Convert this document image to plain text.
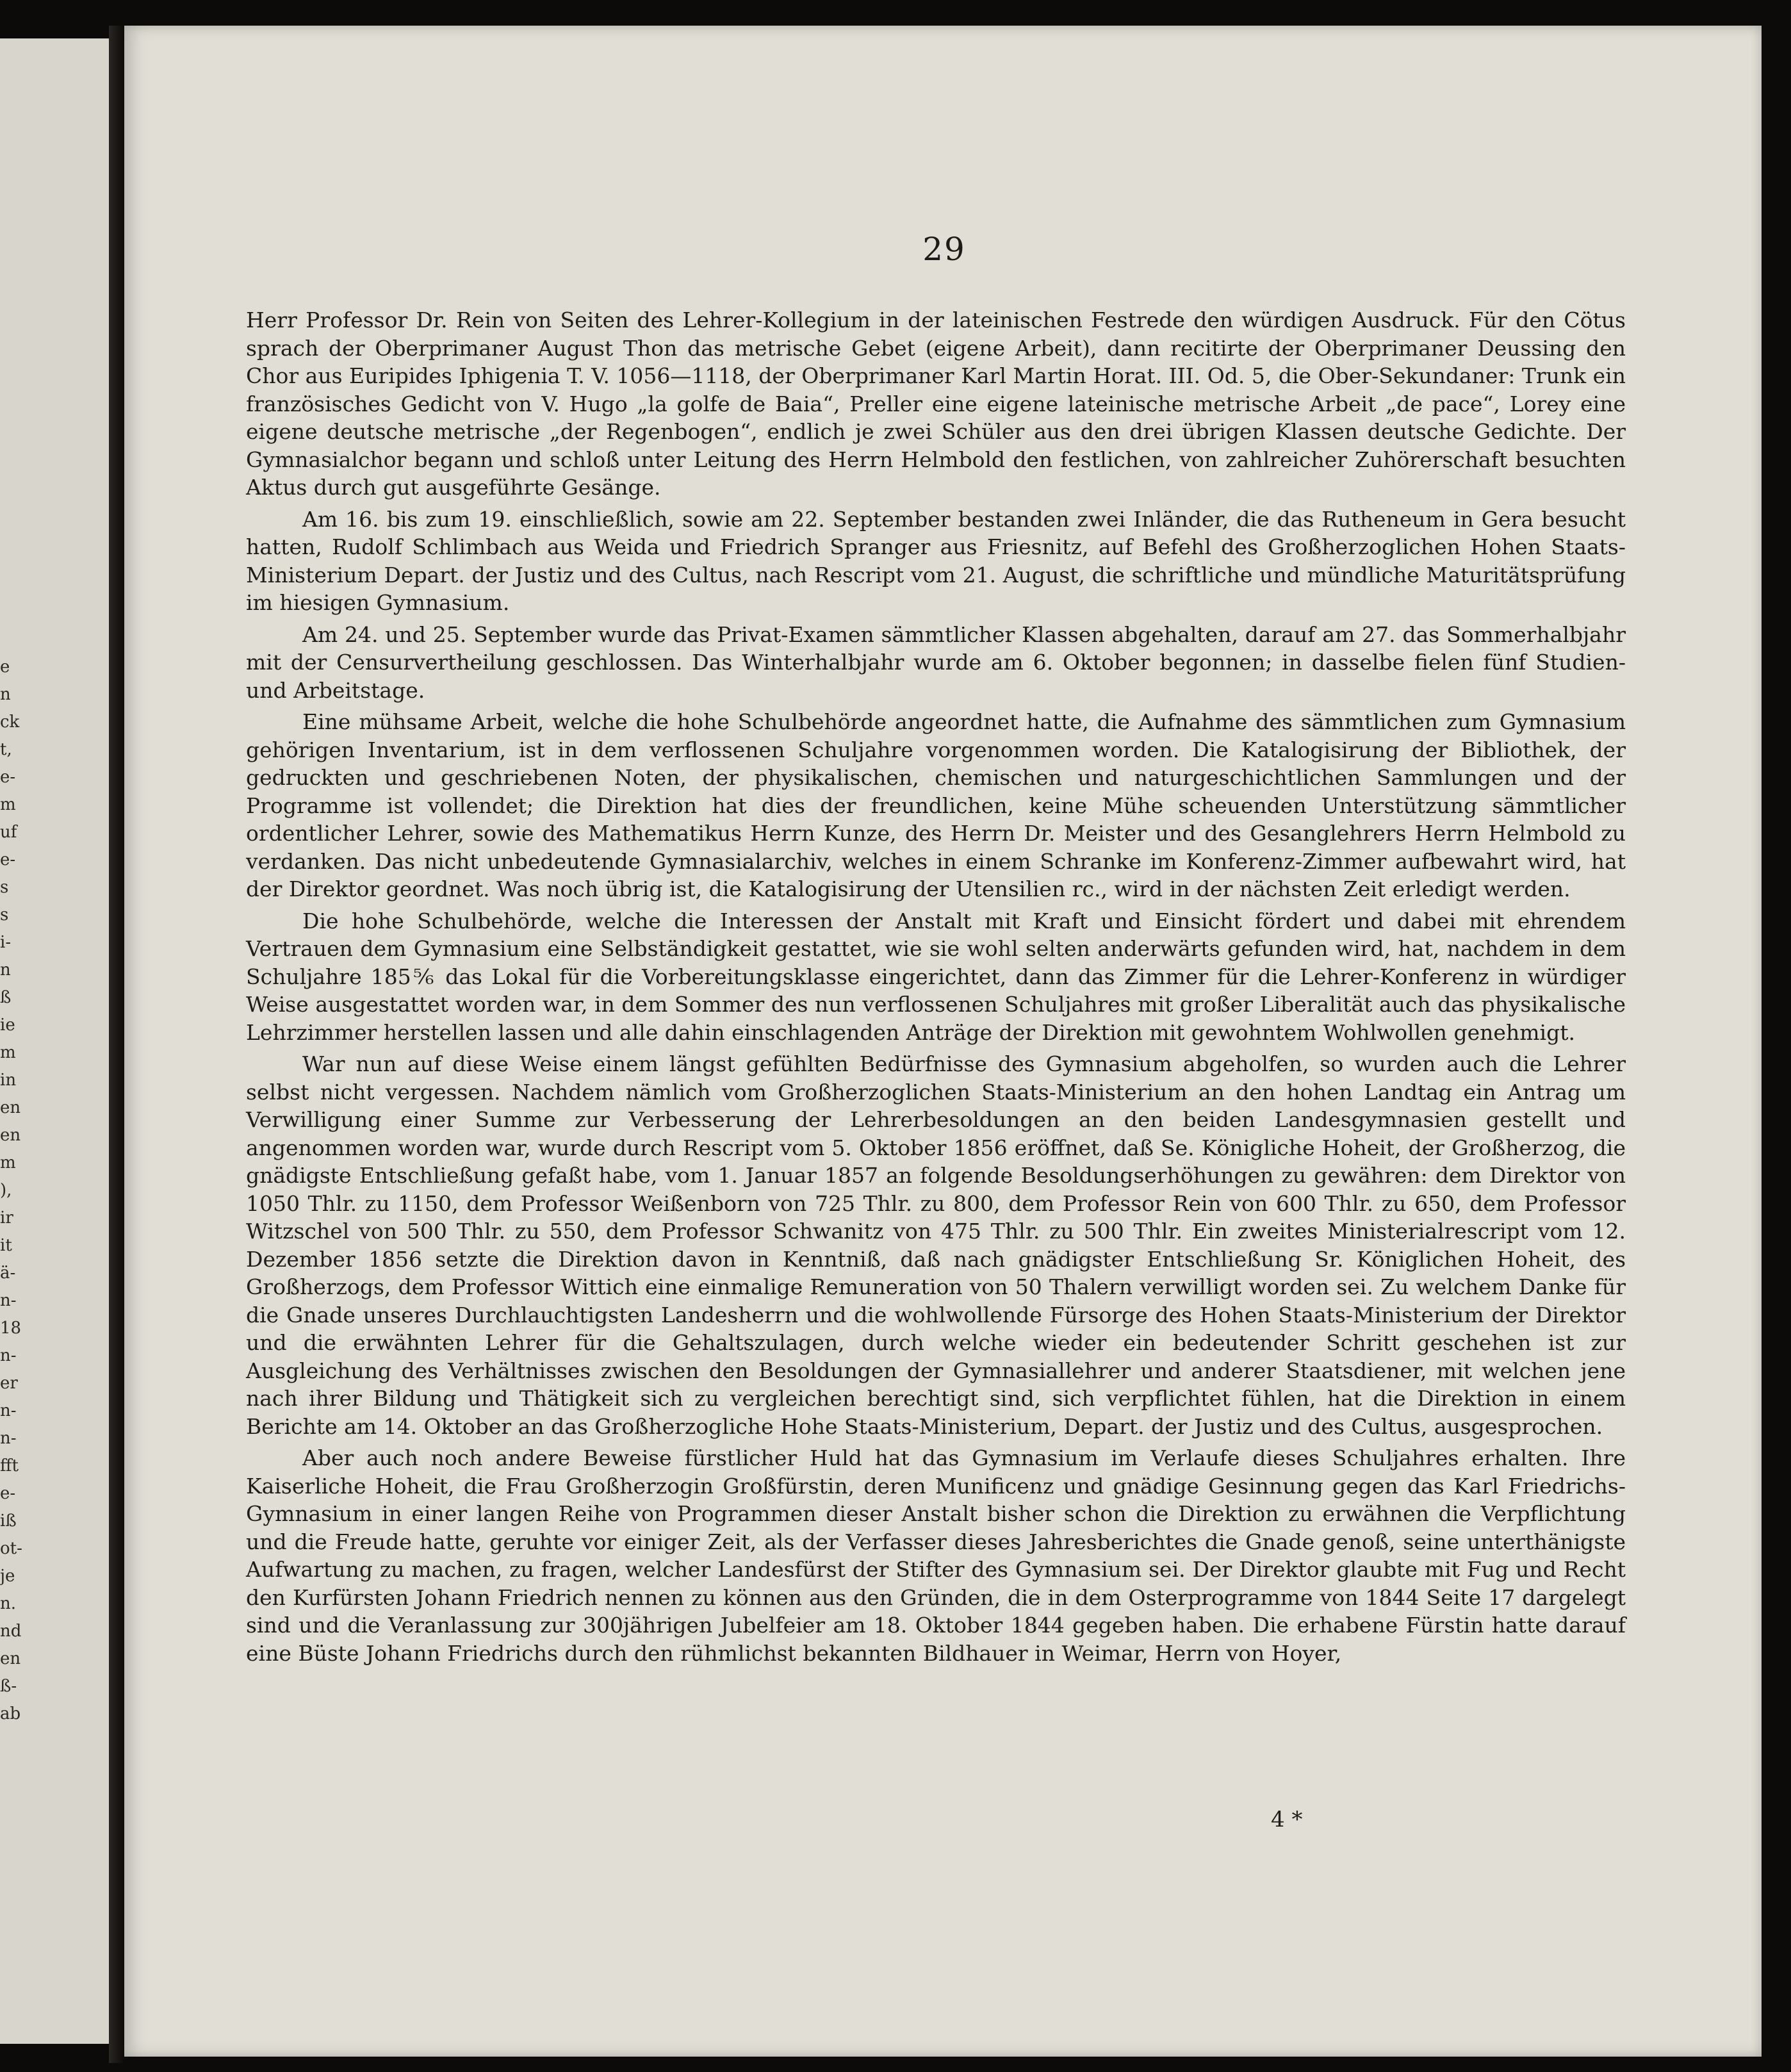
e
n
ck
t,
e-
m
uf
e-
s
s
i-
n
ß
ie
m
in
en
en
m
),
ir
it
ä-
n-
18
n-
er
n-
n-
fft
e-
iß
ot-
je
n.
nd
en
ß-
ab
29

Herr Professor Dr. Rein von Seiten des Lehrer-Kollegium in der lateinischen Festrede den würdigen Ausdruck. Für den Cötus sprach der Oberprimaner August Thon das metrische Gebet (eigene Arbeit), dann recitirte der Oberprimaner Deussing den Chor aus Euripides Iphigenia T. V. 1056—1118, der Oberprimaner Karl Martin Horat. III. Od. 5, die Ober-Sekundaner: Trunk ein französisches Gedicht von V. Hugo „la golfe de Baia“, Preller eine eigene lateinische metrische Arbeit „de pace“, Lorey eine eigene deutsche metrische „der Regenbogen“, endlich je zwei Schüler aus den drei übrigen Klassen deutsche Gedichte. Der Gymnasialchor begann und schloß unter Leitung des Herrn Helmbold den festlichen, von zahlreicher Zuhörerschaft besuchten Aktus durch gut ausgeführte Gesänge.

Am 16. bis zum 19. einschließlich, sowie am 22. September bestanden zwei Inländer, die das Rutheneum in Gera besucht hatten, Rudolf Schlimbach aus Weida und Friedrich Spranger aus Friesnitz, auf Befehl des Großherzoglichen Hohen Staats-Ministerium Depart. der Justiz und des Cultus, nach Rescript vom 21. August, die schriftliche und mündliche Maturitätsprüfung im hiesigen Gymnasium.

Am 24. und 25. September wurde das Privat-Examen sämmtlicher Klassen abgehalten, darauf am 27. das Sommerhalbjahr mit der Censurvertheilung geschlossen. Das Winterhalbjahr wurde am 6. Oktober begonnen; in dasselbe fielen fünf Studien- und Arbeitstage.

Eine mühsame Arbeit, welche die hohe Schulbehörde angeordnet hatte, die Aufnahme des sämmtlichen zum Gymnasium gehörigen Inventarium, ist in dem verflossenen Schuljahre vorgenommen worden. Die Katalogisirung der Bibliothek, der gedruckten und geschriebenen Noten, der physikalischen, chemischen und naturgeschichtlichen Sammlungen und der Programme ist vollendet; die Direktion hat dies der freundlichen, keine Mühe scheuenden Unterstützung sämmtlicher ordentlicher Lehrer, sowie des Mathematikus Herrn Kunze, des Herrn Dr. Meister und des Gesanglehrers Herrn Helmbold zu verdanken. Das nicht unbedeutende Gymnasialarchiv, welches in einem Schranke im Konferenz-Zimmer aufbewahrt wird, hat der Direktor geordnet. Was noch übrig ist, die Katalogisirung der Utensilien rc., wird in der nächsten Zeit erledigt werden.

Die hohe Schulbehörde, welche die Interessen der Anstalt mit Kraft und Einsicht fördert und dabei mit ehrendem Vertrauen dem Gymnasium eine Selbständigkeit gestattet, wie sie wohl selten anderwärts gefunden wird, hat, nachdem in dem Schuljahre 185⅚ das Lokal für die Vorbereitungsklasse eingerichtet, dann das Zimmer für die Lehrer-Konferenz in würdiger Weise ausgestattet worden war, in dem Sommer des nun verflossenen Schuljahres mit großer Liberalität auch das physikalische Lehrzimmer herstellen lassen und alle dahin einschlagenden Anträge der Direktion mit gewohntem Wohlwollen genehmigt.

War nun auf diese Weise einem längst gefühlten Bedürfnisse des Gymnasium abgeholfen, so wurden auch die Lehrer selbst nicht vergessen. Nachdem nämlich vom Großherzoglichen Staats-Ministerium an den hohen Landtag ein Antrag um Verwilligung einer Summe zur Verbesserung der Lehrerbesoldungen an den beiden Landesgymnasien gestellt und angenommen worden war, wurde durch Rescript vom 5. Oktober 1856 eröffnet, daß Se. Königliche Hoheit, der Großherzog, die gnädigste Entschließung gefaßt habe, vom 1. Januar 1857 an folgende Besoldungserhöhungen zu gewähren: dem Direktor von 1050 Thlr. zu 1150, dem Professor Weißenborn von 725 Thlr. zu 800, dem Professor Rein von 600 Thlr. zu 650, dem Professor Witzschel von 500 Thlr. zu 550, dem Professor Schwanitz von 475 Thlr. zu 500 Thlr. Ein zweites Ministerialrescript vom 12. Dezember 1856 setzte die Direktion davon in Kenntniß, daß nach gnädigster Entschließung Sr. Königlichen Hoheit, des Großherzogs, dem Professor Wittich eine einmalige Remuneration von 50 Thalern verwilligt worden sei. Zu welchem Danke für die Gnade unseres Durchlauchtigsten Landesherrn und die wohlwollende Fürsorge des Hohen Staats-Ministerium der Direktor und die erwähnten Lehrer für die Gehaltszulagen, durch welche wieder ein bedeutender Schritt geschehen ist zur Ausgleichung des Verhältnisses zwischen den Besoldungen der Gymnasiallehrer und anderer Staatsdiener, mit welchen jene nach ihrer Bildung und Thätigkeit sich zu vergleichen berechtigt sind, sich verpflichtet fühlen, hat die Direktion in einem Berichte am 14. Oktober an das Großherzogliche Hohe Staats-Ministerium, Depart. der Justiz und des Cultus, ausgesprochen.

Aber auch noch andere Beweise fürstlicher Huld hat das Gymnasium im Verlaufe dieses Schuljahres erhalten. Ihre Kaiserliche Hoheit, die Frau Großherzogin Großfürstin, deren Munificenz und gnädige Gesinnung gegen das Karl Friedrichs-Gymnasium in einer langen Reihe von Programmen dieser Anstalt bisher schon die Direktion zu erwähnen die Verpflichtung und die Freude hatte, geruhte vor einiger Zeit, als der Verfasser dieses Jahresberichtes die Gnade genoß, seine unterthänigste Aufwartung zu machen, zu fragen, welcher Landesfürst der Stifter des Gymnasium sei. Der Direktor glaubte mit Fug und Recht den Kurfürsten Johann Friedrich nennen zu können aus den Gründen, die in dem Osterprogramme von 1844 Seite 17 dargelegt sind und die Veranlassung zur 300jährigen Jubelfeier am 18. Oktober 1844 gegeben haben. Die erhabene Fürstin hatte darauf eine Büste Johann Friedrichs durch den rühmlichst bekannten Bildhauer in Weimar, Herrn von Hoyer,

4 *
